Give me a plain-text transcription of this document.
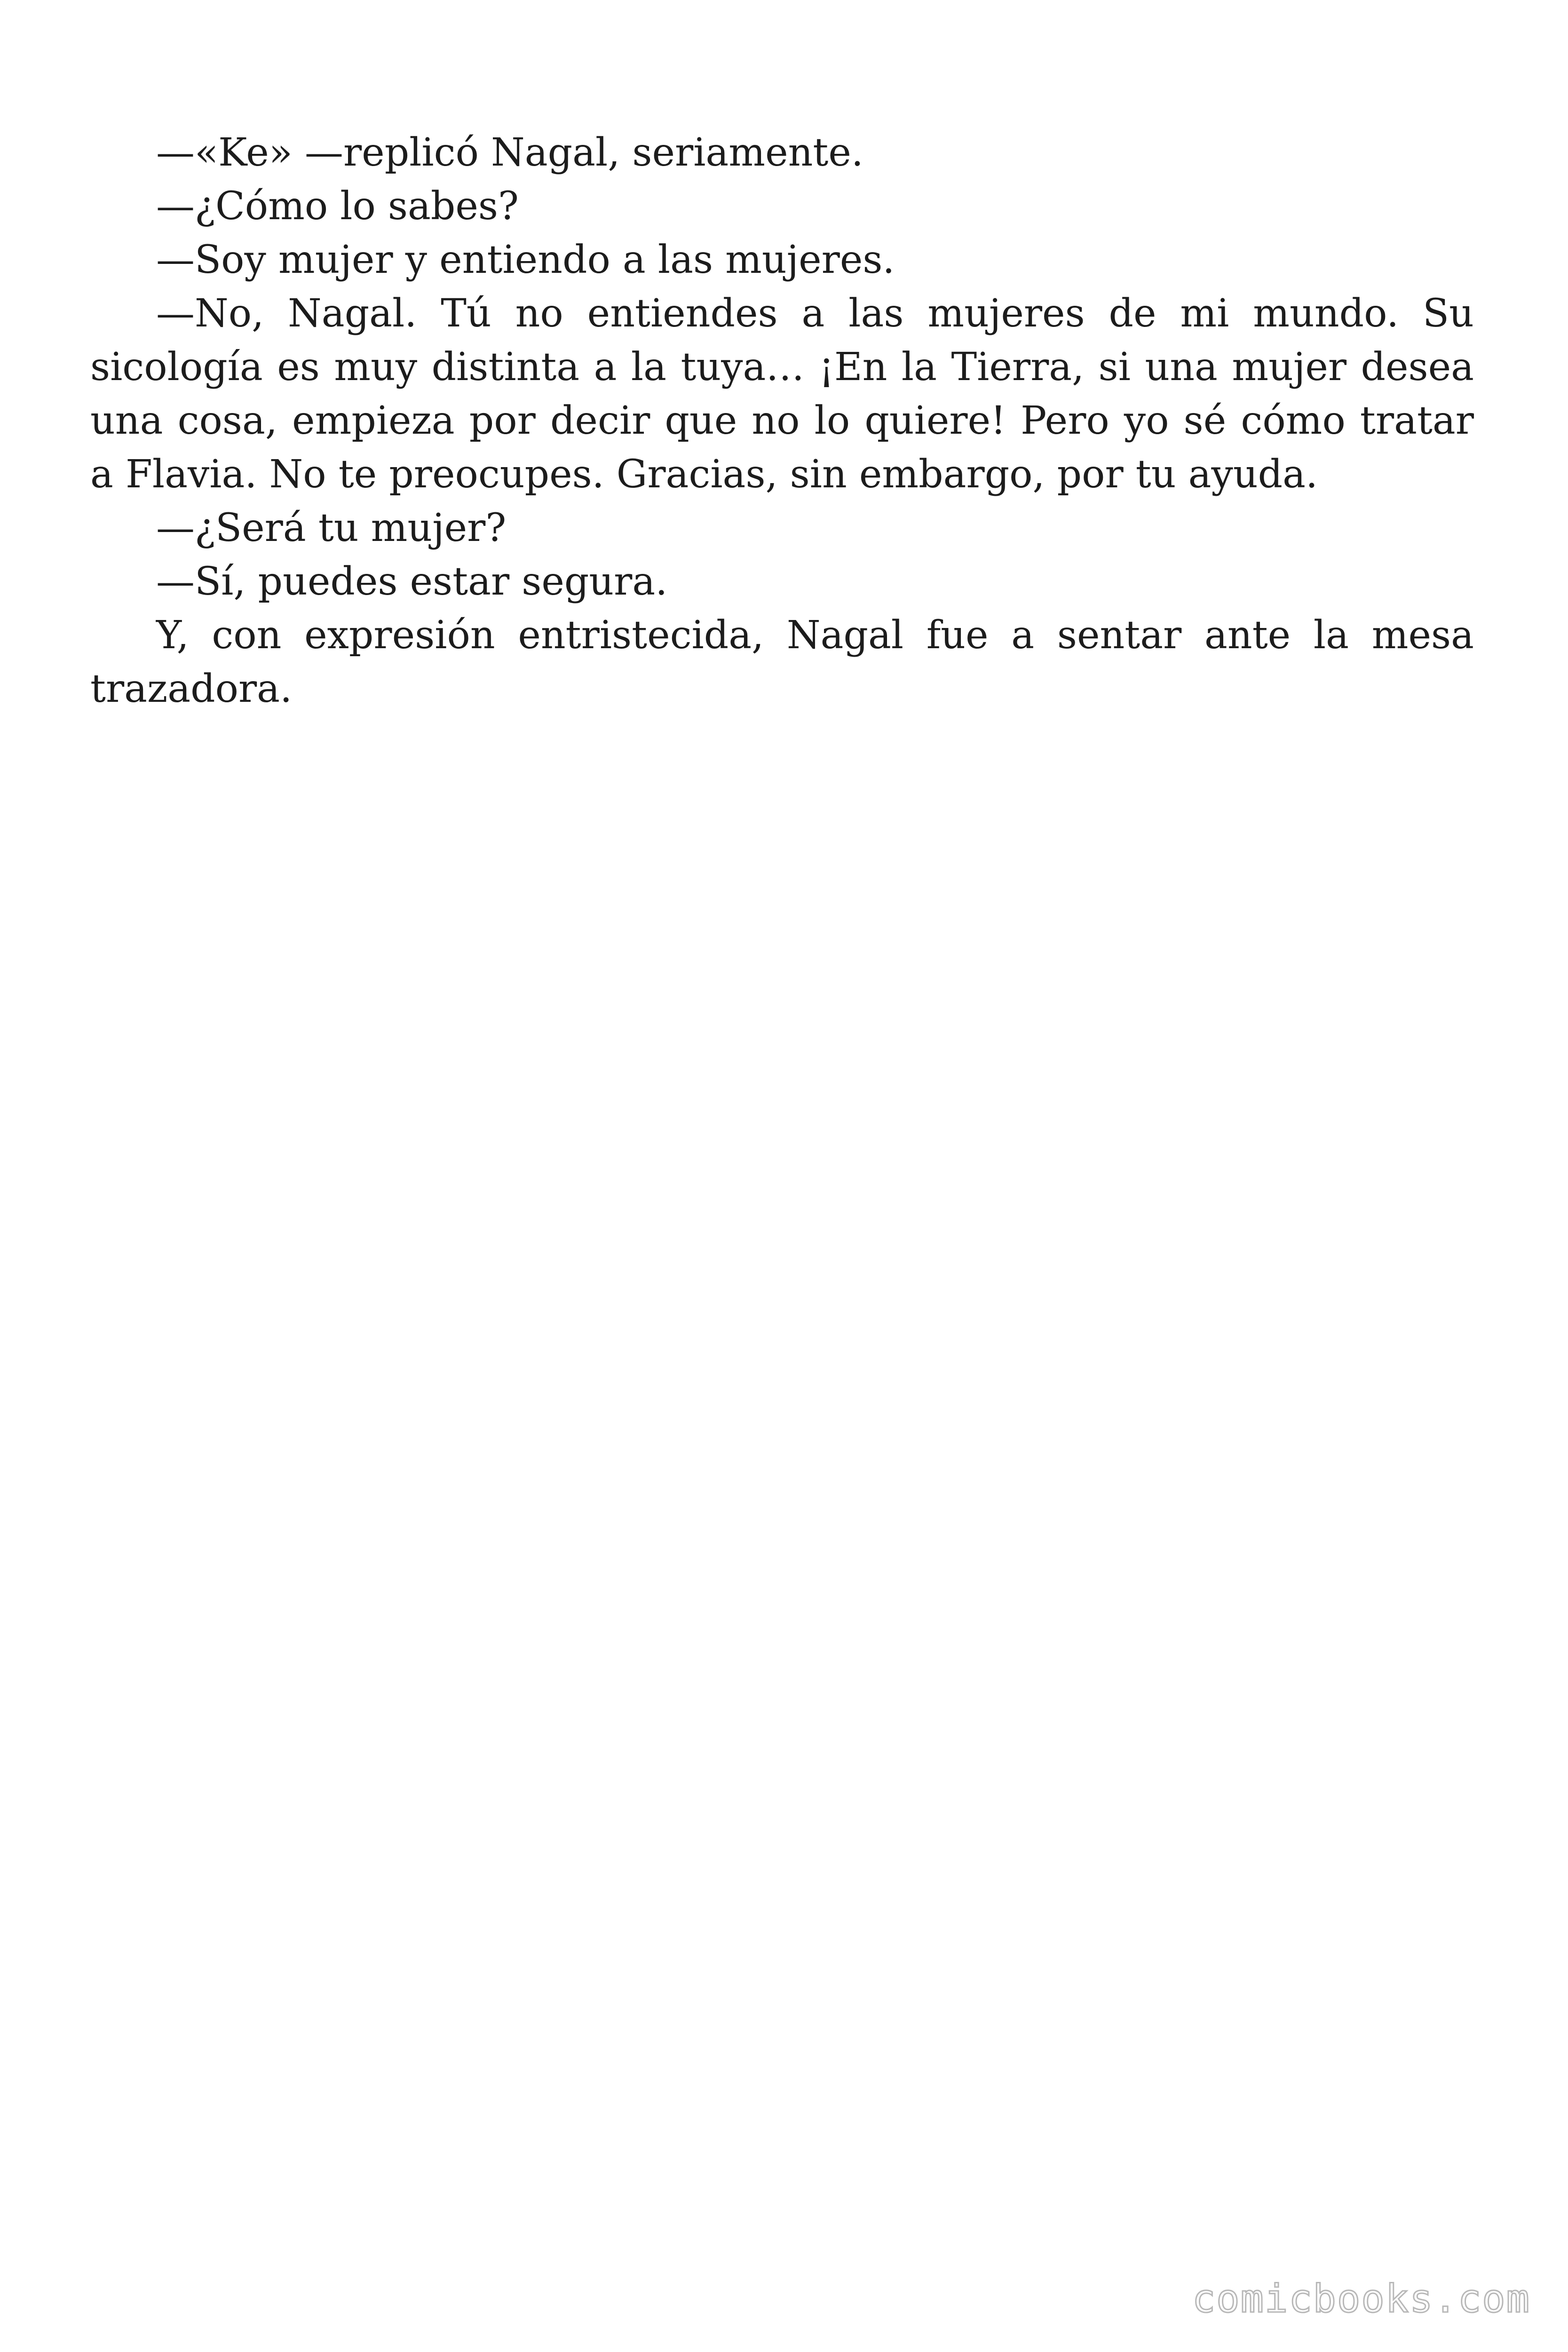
—«Ke» —replicó Nagal, seriamente.

—¿Cómo lo sabes?

—Soy mujer y entiendo a las mujeres.

—No, Nagal. Tú no entiendes a las mujeres de mi mundo. Su sicología es muy distinta a la tuya… ¡En la Tierra, si una mujer desea una cosa, empieza por decir que no lo quiere! Pero yo sé cómo tratar a Flavia. No te preocupes. Gracias, sin embargo, por tu ayuda.

—¿Será tu mujer?

—Sí, puedes estar segura.

Y, con expresión entristecida, Nagal fue a sentar ante la mesa trazadora.

comicbooks.com
